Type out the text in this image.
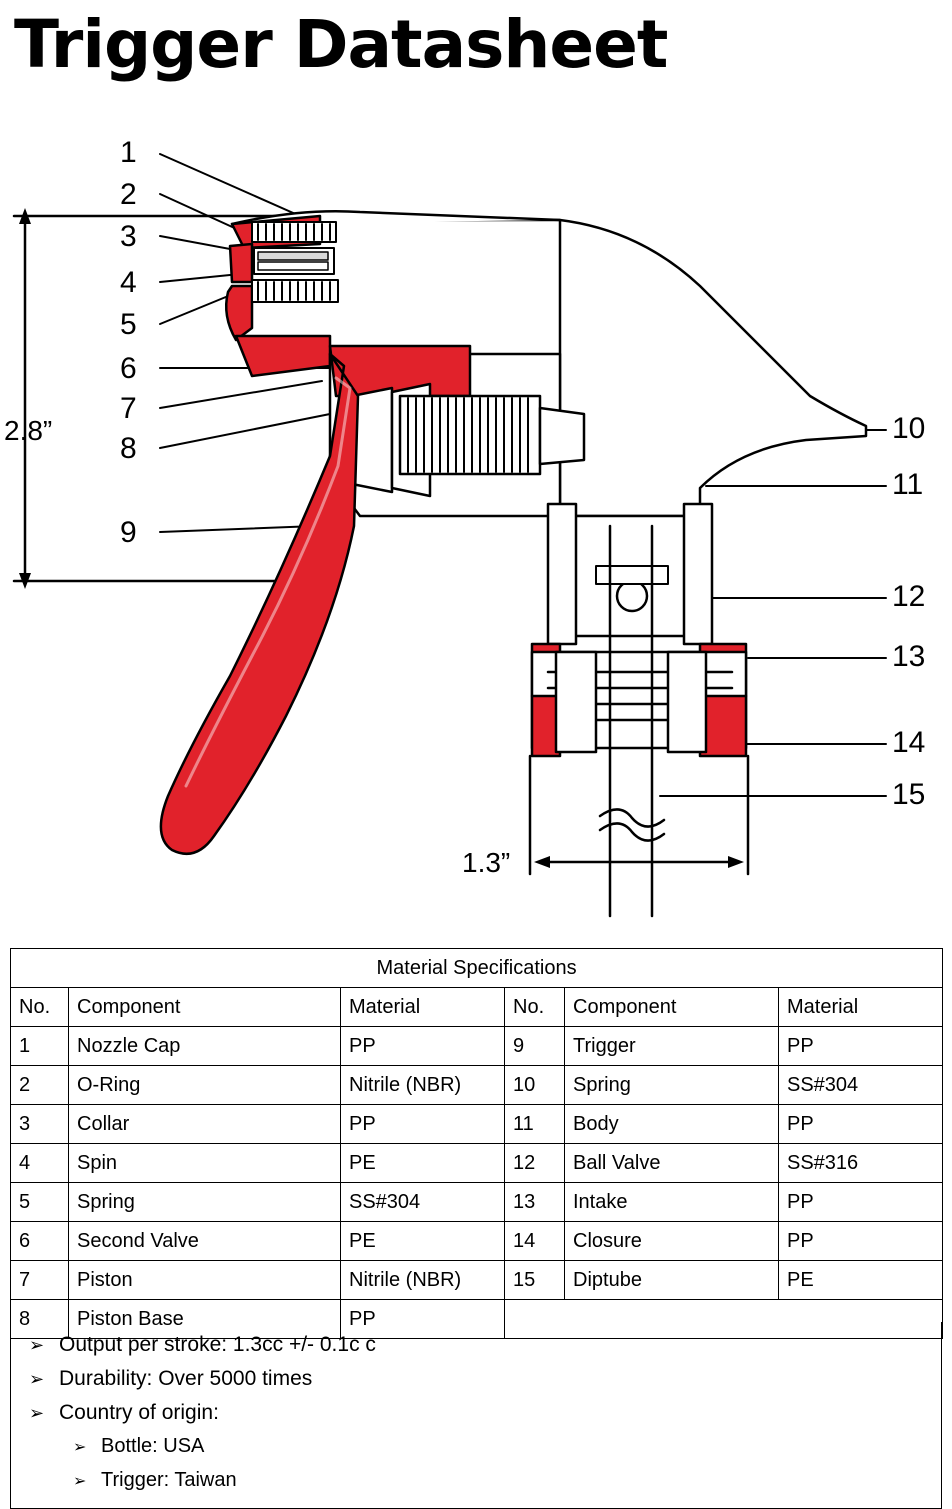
Trigger Datasheet
1
2
3
4
5
6
7
8
9
10
11
12
13
14
15
2.8”
1.3”
Material Specifications					
No.	Component	Material	No.	Component	Material
1	Nozzle Cap	PP	9	Trigger	PP
2	O-Ring	Nitrile (NBR)	10	Spring	SS#304
3	Collar	PP	11	Body	PP
4	Spin	PE	12	Ball Valve	SS#316
5	Spring	SS#304	13	Intake	PP
6	Second Valve	PE	14	Closure	PP
7	Piston	Nitrile (NBR)	15	Diptube	PE
8	Piston Base	PP			
➢ Output per stroke: 1.3cc +/- 0.1c c
➢ Durability: Over 5000 times
➢ Country of origin:
➢ Bottle: USA
➢ Trigger: Taiwan
